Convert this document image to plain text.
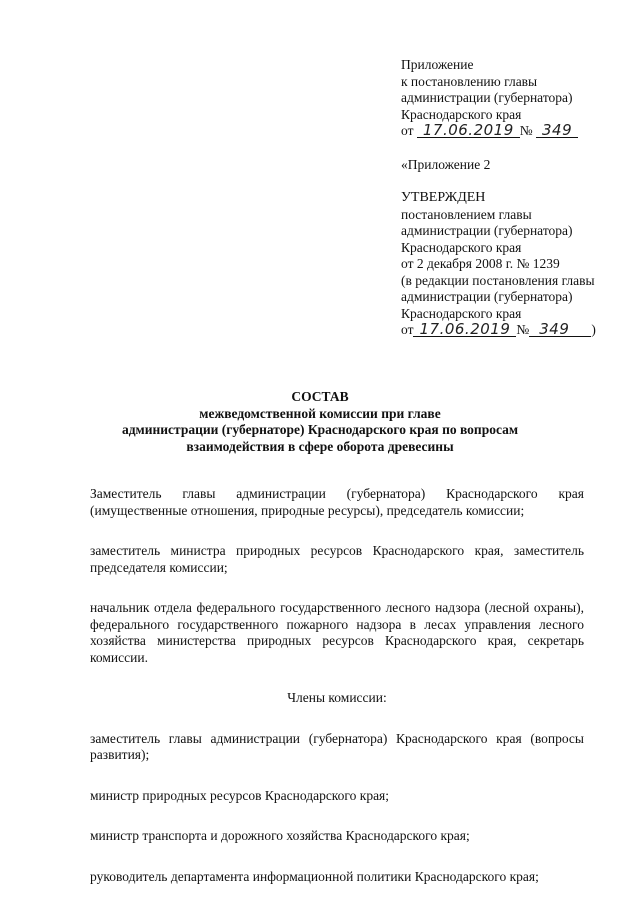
Приложение
к постановлению главы
администрации (губернатора)
Краснодарского края
от 17.06.2019 № 349
«Приложение 2
УТВЕРЖДЕН
постановлением главы
администрации (губернатора)
Краснодарского края
от 2 декабря 2008 г. № 1239
(в редакции постановления главы
администрации (губернатора)
Краснодарского края
от 17.06.2019 № 349 )
СОСТАВ
межведомственной комиссии при главе
администрации (губернаторе) Краснодарского края по вопросам
взаимодействия в сфере оборота древесины

Заместитель главы администрации (губернатора) Краснодарского края (имущественные отношения, природные ресурсы), председатель комиссии;

заместитель министра природных ресурсов Краснодарского края, заместитель председателя комиссии;

начальник отдела федерального государственного лесного надзора (лесной охраны), федерального государственного пожарного надзора в лесах управления лесного хозяйства министерства природных ресурсов Краснодарского края, секретарь комиссии.

Члены комиссии:

заместитель главы администрации (губернатора) Краснодарского края (вопросы развития);

министр природных ресурсов Краснодарского края;

министр транспорта и дорожного хозяйства Краснодарского края;

руководитель департамента информационной политики Краснодарского края;
